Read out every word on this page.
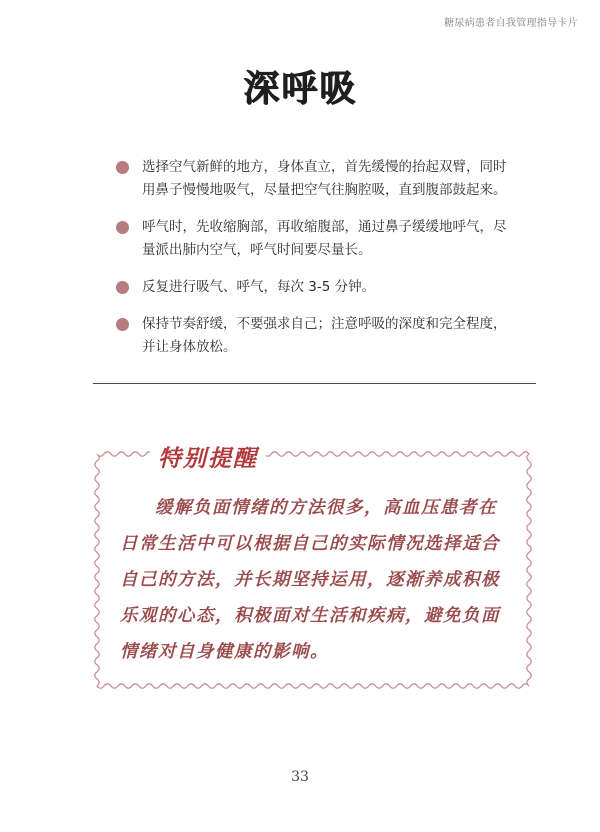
糖尿病患者自我管理指导卡片
深呼吸
选择空气新鲜的地方，身体直立，首先缓慢的抬起双臂，同时用鼻子慢慢地吸气，尽量把空气往胸腔吸，直到腹部鼓起来。
呼气时，先收缩胸部，再收缩腹部，通过鼻子缓缓地呼气，尽量派出肺内空气，呼气时间要尽量长。
反复进行吸气、呼气，每次 3-5 分钟。
保持节奏舒缓，不要强求自己；注意呼吸的深度和完全程度，并让身体放松。
特别提醒
缓解负面情绪的方法很多，高血压患者在日常生活中可以根据自己的实际情况选择适合自己的方法，并长期坚持运用，逐渐养成积极乐观的心态，积极面对生活和疾病，避免负面情绪对自身健康的影响。
33
